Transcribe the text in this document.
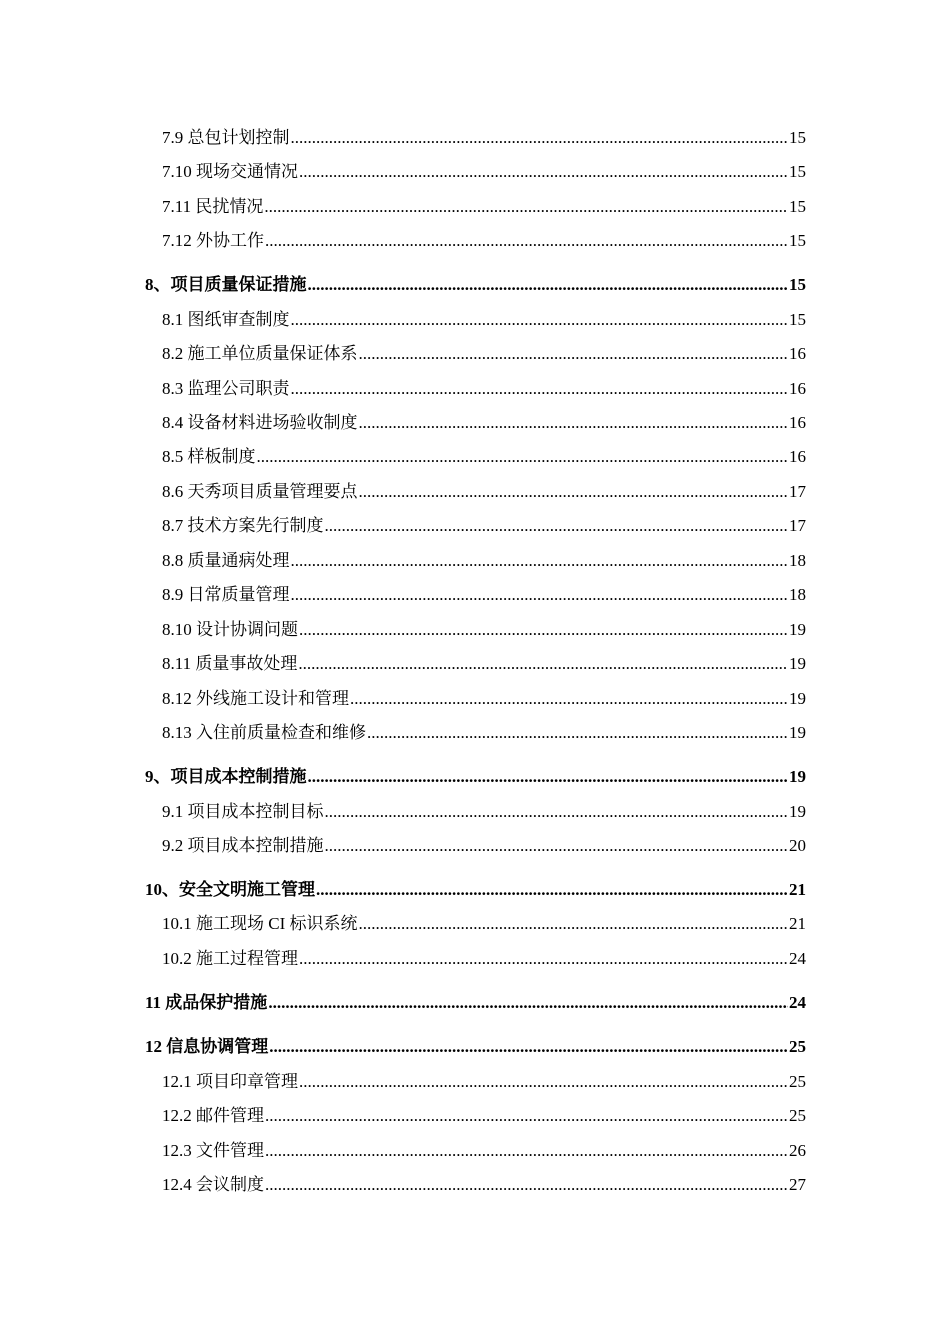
7.9 总包计划控制 .....	15
7.10 现场交通情况 .....	15
7.11 民扰情况 .....	15
7.12 外协工作 .....	15
8、项目质量保证措施 .....	15
8.1 图纸审查制度 .....	15
8.2 施工单位质量保证体系 .....	16
8.3 监理公司职责 .....	16
8.4 设备材料进场验收制度 .....	16
8.5 样板制度 .....	16
8.6 天秀项目质量管理要点 .....	17
8.7 技术方案先行制度 .....	17
8.8 质量通病处理 .....	18
8.9 日常质量管理 .....	18
8.10 设计协调问题 .....	19
8.11 质量事故处理 .....	19
8.12 外线施工设计和管理 .....	19
8.13 入住前质量检查和维修 .....	19
9、项目成本控制措施 .....	19
9.1 项目成本控制目标 .....	19
9.2 项目成本控制措施 .....	20
10、安全文明施工管理 .....	21
10.1 施工现场 CI 标识系统 .....	21
10.2 施工过程管理 .....	24
11 成品保护措施 .....	24
12 信息协调管理 .....	25
12.1 项目印章管理 .....	25
12.2 邮件管理 .....	25
12.3 文件管理 .....	26
12.4 会议制度 .....	27
